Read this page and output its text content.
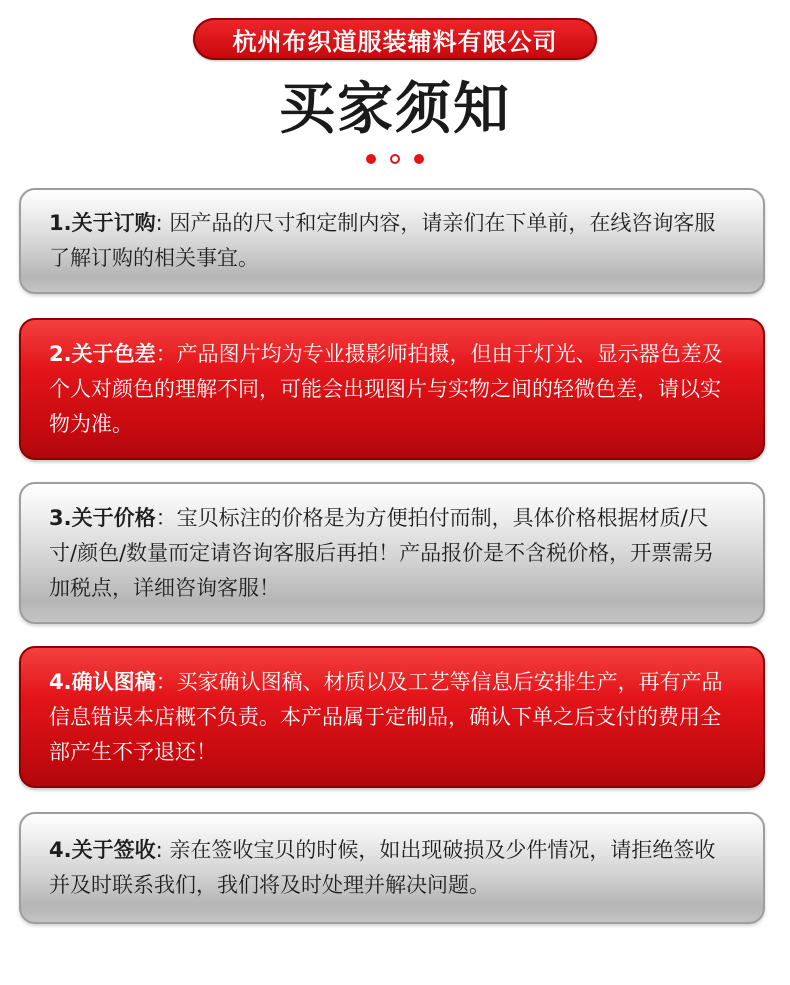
杭州布织道服装辅料有限公司
买家须知

1.关于订购: 因产品的尺寸和定制内容，请亲们在下单前，在线咨询客服了解订购的相关事宜。

2.关于色差：产品图片均为专业摄影师拍摄，但由于灯光、显示器色差及个人对颜色的理解不同，可能会出现图片与实物之间的轻微色差，请以实物为准。

3.关于价格：宝贝标注的价格是为方便拍付而制，具体价格根据材质/尺寸/颜色/数量而定请咨询客服后再拍！产品报价是不含税价格，开票需另加税点，详细咨询客服！

4.确认图稿：买家确认图稿、材质以及工艺等信息后安排生产，再有产品信息错误本店概不负责。本产品属于定制品，确认下单之后支付的费用全部产生不予退还！

4.关于签收: 亲在签收宝贝的时候，如出现破损及少件情况，请拒绝签收并及时联系我们，我们将及时处理并解决问题。
